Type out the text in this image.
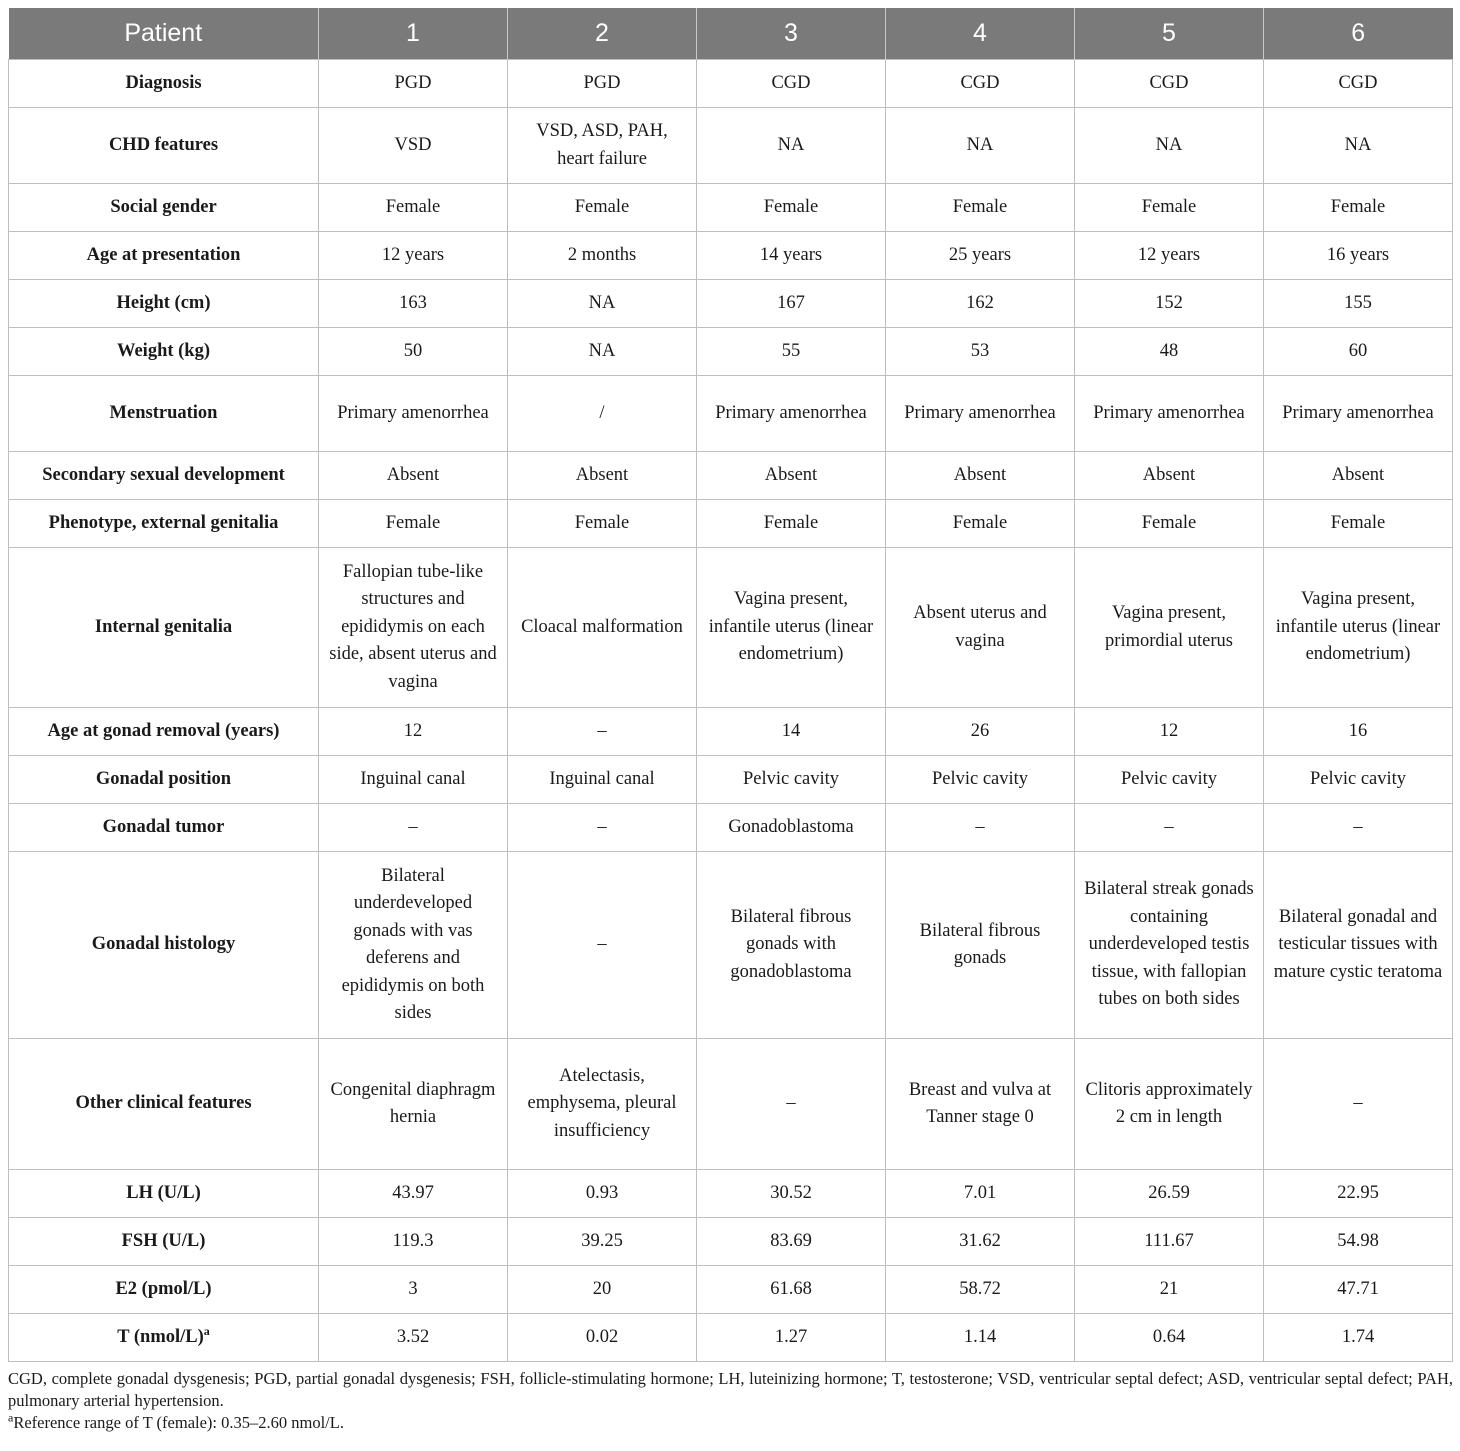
Patient	1	2	3	4	5	6
Diagnosis	PGD	PGD	CGD	CGD	CGD	CGD
CHD features	VSD	VSD, ASD, PAH, heart failure	NA	NA	NA	NA
Social gender	Female	Female	Female	Female	Female	Female
Age at presentation	12 years	2 months	14 years	25 years	12 years	16 years
Height (cm)	163	NA	167	162	152	155
Weight (kg)	50	NA	55	53	48	60
Menstruation	Primary amenorrhea	/	Primary amenorrhea	Primary amenorrhea	Primary amenorrhea	Primary amenorrhea
Secondary sexual development	Absent	Absent	Absent	Absent	Absent	Absent
Phenotype, external genitalia	Female	Female	Female	Female	Female	Female
Internal genitalia	Fallopian tube-like structures and epididymis on each side, absent uterus and vagina	Cloacal malformation	Vagina present, infantile uterus (linear endometrium)	Absent uterus and vagina	Vagina present, primordial uterus	Vagina present, infantile uterus (linear endometrium)
Age at gonad removal (years)	12	–	14	26	12	16
Gonadal position	Inguinal canal	Inguinal canal	Pelvic cavity	Pelvic cavity	Pelvic cavity	Pelvic cavity
Gonadal tumor	–	–	Gonadoblastoma	–	–	–
Gonadal histology	Bilateral underdeveloped gonads with vas deferens and epididymis on both sides	–	Bilateral fibrous gonads with gonadoblastoma	Bilateral fibrous gonads	Bilateral streak gonads containing underdeveloped testis tissue, with fallopian tubes on both sides	Bilateral gonadal and testicular tissues with mature cystic teratoma
Other clinical features	Congenital diaphragm hernia	Atelectasis, emphysema, pleural insufficiency	–	Breast and vulva at Tanner stage 0	Clitoris approximately 2 cm in length	–
LH (U/L)	43.97	0.93	30.52	7.01	26.59	22.95
FSH (U/L)	119.3	39.25	83.69	31.62	111.67	54.98
E2 (pmol/L)	3	20	61.68	58.72	21	47.71
T (nmol/L)$^a$	3.52	0.02	1.27	1.14	0.64	1.74

CGD, complete gonadal dysgenesis; PGD, partial gonadal dysgenesis; FSH, follicle-stimulating hormone; LH, luteinizing hormone; T, testosterone; VSD, ventricular septal defect; ASD, ventricular septal defect; PAH, pulmonary arterial hypertension.

$^a$Reference range of T (female): 0.35–2.60 nmol/L.
